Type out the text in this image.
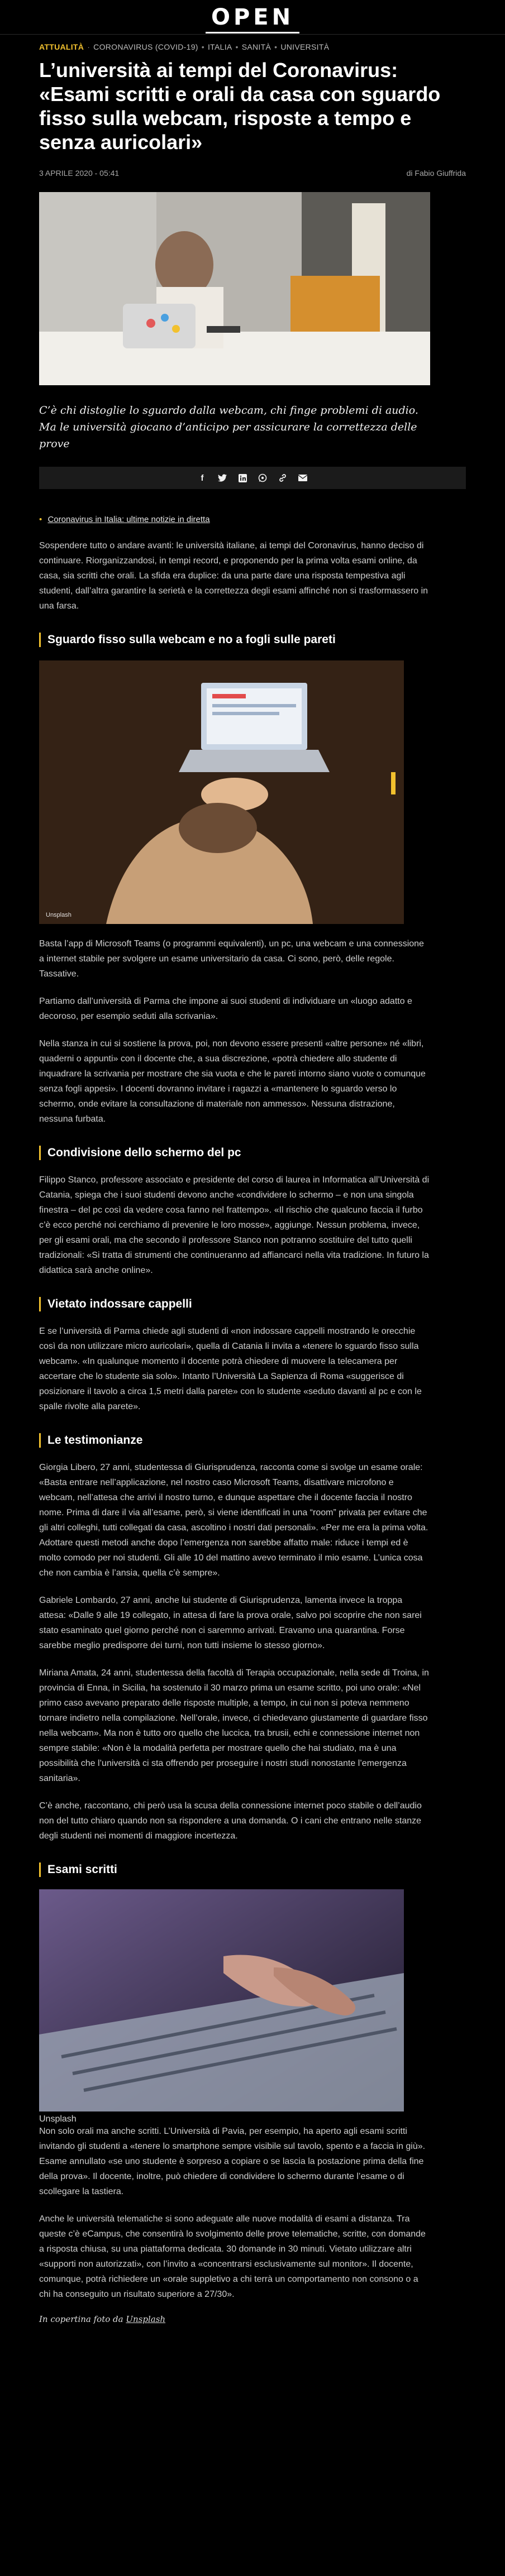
OPEN
ATTUALITÀ · CORONAVIRUS (COVID-19) • ITALIA • SANITÀ • UNIVERSITÀ
L’università ai tempi del Coronavirus: «Esami scritti e orali da casa con sguardo fisso sulla webcam, risposte a tempo e senza auricolari»
3 APRILE 2020 - 05:41	di Fabio Giuffrida

C’è chi distoglie lo sguardo dalla webcam, chi finge problemi di audio. Ma le università giocano d’anticipo per assicurare la correttezza delle prove

f
• Coronavirus in Italia: ultime notizie in diretta

Sospendere tutto o andare avanti: le università italiane, ai tempi del Coronavirus, hanno deciso di continuare. Riorganizzandosi, in tempi record, e proponendo per la prima volta esami online, da casa, sia scritti che orali. La sfida era duplice: da una parte dare una risposta tempestiva agli studenti, dall’altra garantire la serietà e la correttezza degli esami affinché non si trasformassero in una farsa.

Sguardo fisso sulla webcam e no a fogli sulle pareti
Unsplash

Basta l’app di Microsoft Teams (o programmi equivalenti), un pc, una webcam e una connessione a internet stabile per svolgere un esame universitario da casa. Ci sono, però, delle regole. Tassative.

Partiamo dall’università di Parma che impone ai suoi studenti di individuare un «luogo adatto e decoroso, per esempio seduti alla scrivania».

Nella stanza in cui si sostiene la prova, poi, non devono essere presenti «altre persone» né «libri, quaderni o appunti» con il docente che, a sua discrezione, «potrà chiedere allo studente di inquadrare la scrivania per mostrare che sia vuota e che le pareti intorno siano vuote o comunque senza fogli appesi». I docenti dovranno invitare i ragazzi a «mantenere lo sguardo verso lo schermo, onde evitare la consultazione di materiale non ammesso». Nessuna distrazione, nessuna furbata.

Condivisione dello schermo del pc

Filippo Stanco, professore associato e presidente del corso di laurea in Informatica all’Università di Catania, spiega che i suoi studenti devono anche «condividere lo schermo – e non una singola finestra – del pc così da vedere cosa fanno nel frattempo». «Il rischio che qualcuno faccia il furbo c’è ecco perché noi cerchiamo di prevenire le loro mosse», aggiunge. Nessun problema, invece, per gli esami orali, ma che secondo il professore Stanco non potranno sostituire del tutto quelli tradizionali: «Si tratta di strumenti che continueranno ad affiancarci nella vita tradizione. In futuro la didattica sarà anche online».

Vietato indossare cappelli

E se l’università di Parma chiede agli studenti di «non indossare cappelli mostrando le orecchie così da non utilizzare micro auricolari», quella di Catania li invita a «tenere lo sguardo fisso sulla webcam». «In qualunque momento il docente potrà chiedere di muovere la telecamera per accertare che lo studente sia solo». Intanto l’Università La Sapienza di Roma «suggerisce di posizionare il tavolo a circa 1,5 metri dalla parete» con lo studente «seduto davanti al pc e con le spalle rivolte alla parete».

Le testimonianze

Giorgia Libero, 27 anni, studentessa di Giurisprudenza, racconta come si svolge un esame orale: «Basta entrare nell’applicazione, nel nostro caso Microsoft Teams, disattivare microfono e webcam, nell’attesa che arrivi il nostro turno, e dunque aspettare che il docente faccia il nostro nome. Prima di dare il via all’esame, però, si viene identificati in una “room” privata per evitare che gli altri colleghi, tutti collegati da casa, ascoltino i nostri dati personali». «Per me era la prima volta. Adottare questi metodi anche dopo l’emergenza non sarebbe affatto male: riduce i tempi ed è molto comodo per noi studenti. Gli alle 10 del mattino avevo terminato il mio esame. L’unica cosa che non cambia è l’ansia, quella c’è sempre».

Gabriele Lombardo, 27 anni, anche lui studente di Giurisprudenza, lamenta invece la troppa attesa: «Dalle 9 alle 19 collegato, in attesa di fare la prova orale, salvo poi scoprire che non sarei stato esaminato quel giorno perché non ci saremmo arrivati. Eravamo una quarantina. Forse sarebbe meglio predisporre dei turni, non tutti insieme lo stesso giorno».

Miriana Amata, 24 anni, studentessa della facoltà di Terapia occupazionale, nella sede di Troina, in provincia di Enna, in Sicilia, ha sostenuto il 30 marzo prima un esame scritto, poi uno orale: «Nel primo caso avevano preparato delle risposte multiple, a tempo, in cui non si poteva nemmeno tornare indietro nella compilazione. Nell’orale, invece, ci chiedevano giustamente di guardare fisso nella webcam». Ma non è tutto oro quello che luccica, tra brusii, echi e connessione internet non sempre stabile: «Non è la modalità perfetta per mostrare quello che hai studiato, ma è una possibilità che l’università ci sta offrendo per proseguire i nostri studi nonostante l’emergenza sanitaria».

C’è anche, raccontano, chi però usa la scusa della connessione internet poco stabile o dell’audio non del tutto chiaro quando non sa rispondere a una domanda. O i cani che entrano nelle stanze degli studenti nei momenti di maggiore incertezza.

Esami scritti
Unsplash

Non solo orali ma anche scritti. L’Università di Pavia, per esempio, ha aperto agli esami scritti invitando gli studenti a «tenere lo smartphone sempre visibile sul tavolo, spento e a faccia in giù». Esame annullato «se uno studente è sorpreso a copiare o se lascia la postazione prima della fine della prova». Il docente, inoltre, può chiedere di condividere lo schermo durante l’esame o di scollegare la tastiera.

Anche le università telematiche si sono adeguate alle nuove modalità di esami a distanza. Tra queste c’è eCampus, che consentirà lo svolgimento delle prove telematiche, scritte, con domande a risposta chiusa, su una piattaforma dedicata. 30 domande in 30 minuti. Vietato utilizzare altri «supporti non autorizzati», con l’invito a «concentrarsi esclusivamente sul monitor». Il docente, comunque, potrà richiedere un «orale suppletivo a chi terrà un comportamento non consono o a chi ha conseguito un risultato superiore a 27/30».

In copertina foto da Unsplash
